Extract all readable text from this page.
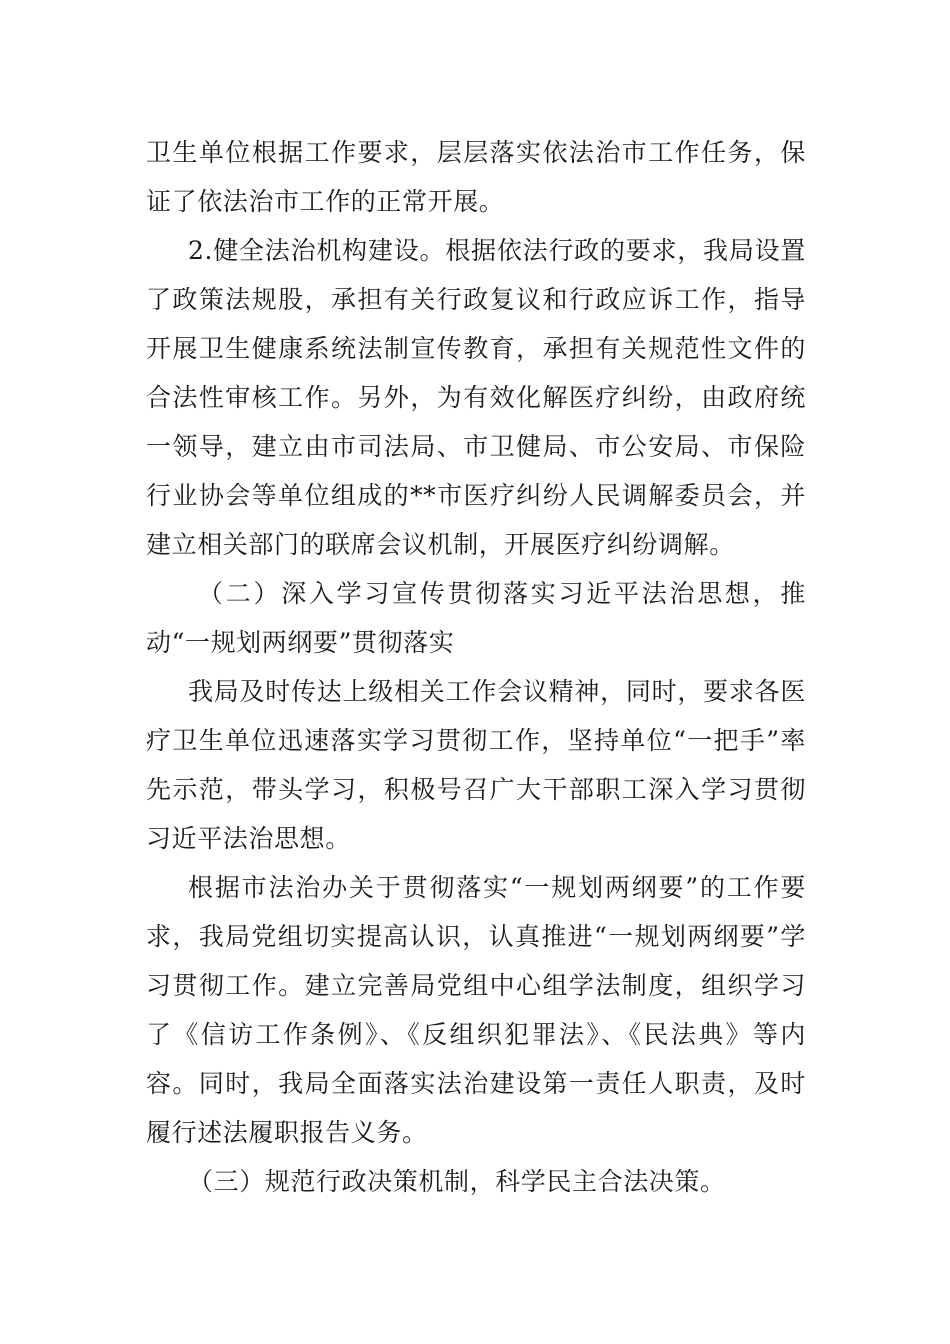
卫生单位根据工作要求，层层落实依法治市工作任务，保证了依法治市工作的正常开展。

2.健全法治机构建设。根据依法行政的要求，我局设置了政策法规股，承担有关行政复议和行政应诉工作，指导开展卫生健康系统法制宣传教育，承担有关规范性文件的合法性审核工作。另外，为有效化解医疗纠纷，由政府统一领导，建立由市司法局、市卫健局、市公安局、市保险行业协会等单位组成的**市医疗纠纷人民调解委员会，并建立相关部门的联席会议机制，开展医疗纠纷调解。

（二）深入学习宣传贯彻落实习近平法治思想，推动“一规划两纲要”贯彻落实

我局及时传达上级相关工作会议精神，同时，要求各医疗卫生单位迅速落实学习贯彻工作，坚持单位“一把手”率先示范，带头学习，积极号召广大干部职工深入学习贯彻习近平法治思想。

根据市法治办关于贯彻落实“一规划两纲要”的工作要求，我局党组切实提高认识，认真推进“一规划两纲要”学习贯彻工作。建立完善局党组中心组学法制度，组织学习了《信访工作条例》、《反组织犯罪法》、《民法典》等内容。同时，我局全面落实法治建设第一责任人职责，及时履行述法履职报告义务。

（三）规范行政决策机制，科学民主合法决策。
